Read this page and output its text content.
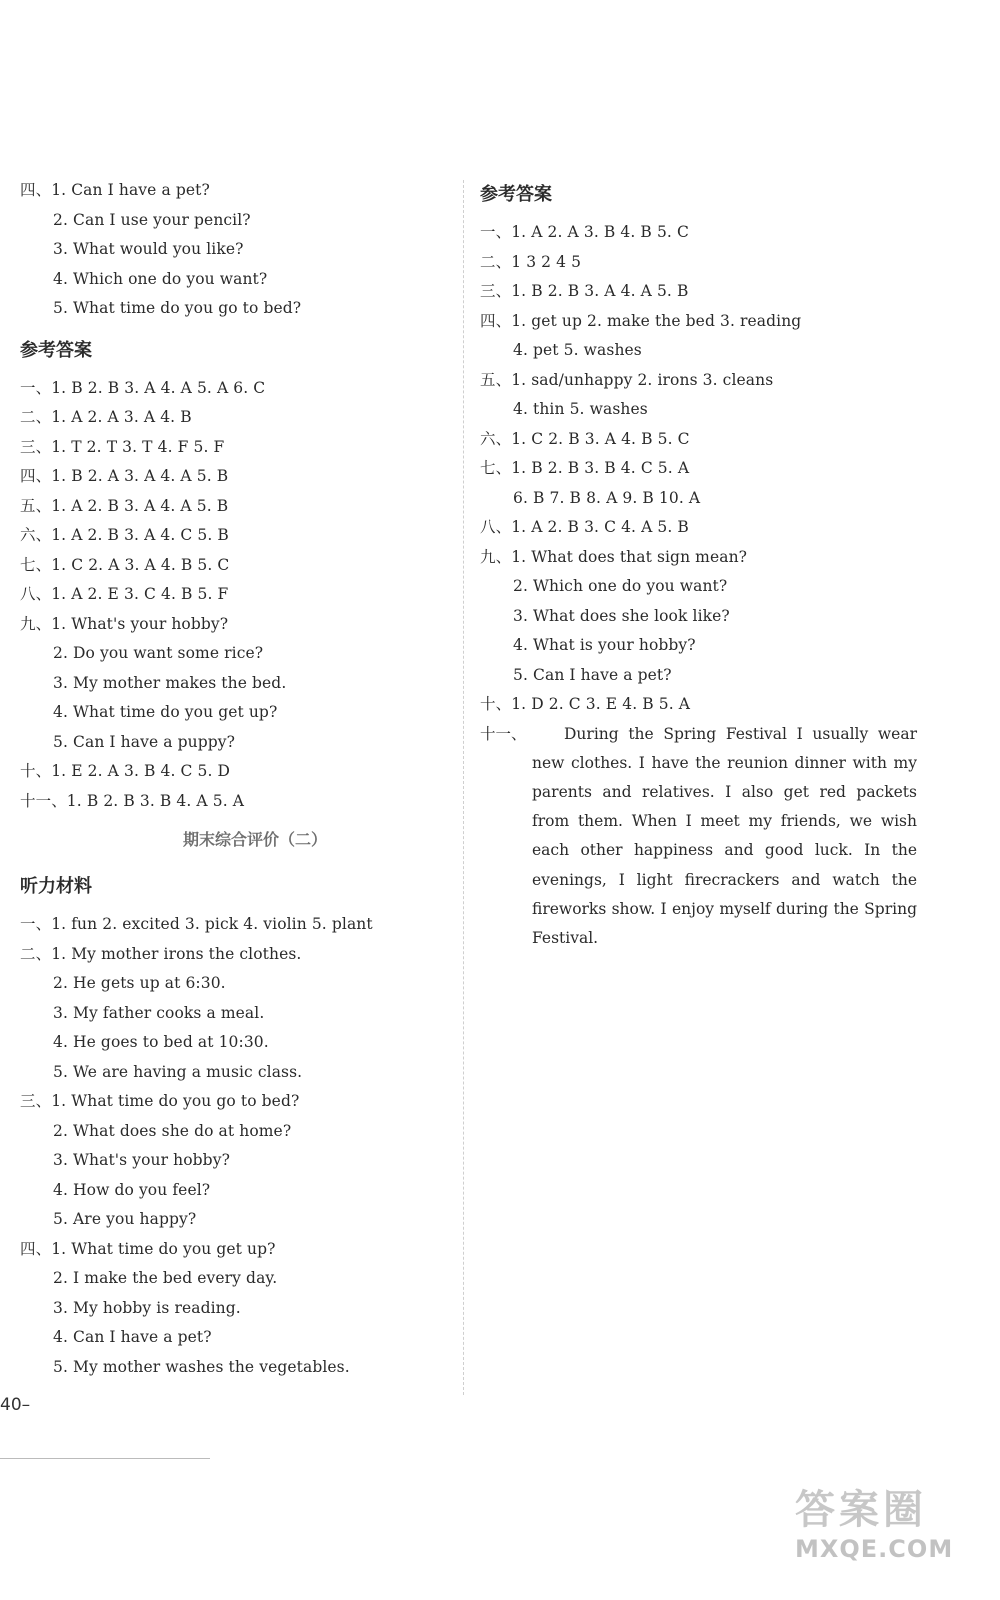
四、1. Can I have a pet?
2. Can I use your pencil?
3. What would you like?
4. Which one do you want?
5. What time do you go to bed?
参考答案
一、1. B 2. B 3. A 4. A 5. A 6. C
二、1. A 2. A 3. A 4. B
三、1. T 2. T 3. T 4. F 5. F
四、1. B 2. A 3. A 4. A 5. B
五、1. A 2. B 3. A 4. A 5. B
六、1. A 2. B 3. A 4. C 5. B
七、1. C 2. A 3. A 4. B 5. C
八、1. A 2. E 3. C 4. B 5. F
九、1. What's your hobby?
2. Do you want some rice?
3. My mother makes the bed.
4. What time do you get up?
5. Can I have a puppy?
十、1. E 2. A 3. B 4. C 5. D
十一、1. B 2. B 3. B 4. A 5. A
期末综合评价（二）
听力材料
一、1. fun 2. excited 3. pick 4. violin 5. plant
二、1. My mother irons the clothes.
2. He gets up at 6:30.
3. My father cooks a meal.
4. He goes to bed at 10:30.
5. We are having a music class.
三、1. What time do you go to bed?
2. What does she do at home?
3. What's your hobby?
4. How do you feel?
5. Are you happy?
四、1. What time do you get up?
2. I make the bed every day.
3. My hobby is reading.
4. Can I have a pet?
5. My mother washes the vegetables.
参考答案
一、1. A 2. A 3. B 4. B 5. C
二、1 3 2 4 5
三、1. B 2. B 3. A 4. A 5. B
四、1. get up 2. make the bed 3. reading
4. pet 5. washes
五、1. sad/unhappy 2. irons 3. cleans
4. thin 5. washes
六、1. C 2. B 3. A 4. B 5. C
七、1. B 2. B 3. B 4. C 5. A
6. B 7. B 8. A 9. B 10. A
八、1. A 2. B 3. C 4. A 5. B
九、1. What does that sign mean?
2. Which one do you want?
3. What does she look like?
4. What is your hobby?
5. Can I have a pet?
十、1. D 2. C 3. E 4. B 5. A
十一、	During the Spring Festival I usually wear new clothes. I have the reunion dinner with my parents and relatives. I also get red packets from them. When I meet my friends, we wish each other happiness and good luck. In the evenings, I light firecrackers and watch the fireworks show. I enjoy myself during the Spring Festival.
40–
答案圈
MXQE.COM
